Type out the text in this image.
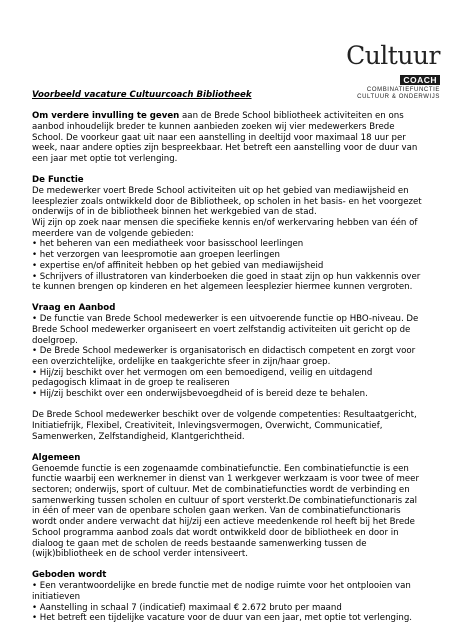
Cultuur
COACH
COMBINATIEFUNCTIE
CULTUUR & ONDERWIJS

Voorbeeld vacature Cultuurcoach Bibliotheek

Om verdere invulling te geven aan de Brede School bibliotheek activiteiten en ons aanbod inhoudelijk breder te kunnen aanbieden zoeken wij vier medewerkers Brede School. De voorkeur gaat uit naar een aanstelling in deeltijd voor maximaal 18 uur per week, naar andere opties zijn bespreekbaar. Het betreft een aanstelling voor de duur van een jaar met optie tot verlenging.

De Functie

De medewerker voert Brede School activiteiten uit op het gebied van mediawijsheid en

leesplezier zoals ontwikkeld door de Bibliotheek, op scholen in het basis- en het voorgezet

onderwijs of in de bibliotheek binnen het werkgebied van de stad.

Wij zijn op zoek naar mensen die specifieke kennis en/of werkervaring hebben van één of

meerdere van de volgende gebieden:

• het beheren van een mediatheek voor basisschool leerlingen

• het verzorgen van leespromotie aan groepen leerlingen

• expertise en/of affiniteit hebben op het gebied van mediawijsheid

• Schrijvers of illustratoren van kinderboeken die goed in staat zijn op hun vakkennis over

te kunnen brengen op kinderen en het algemeen leesplezier hiermee kunnen vergroten.

Vraag en Aanbod

• De functie van Brede School medewerker is een uitvoerende functie op HBO-niveau. De

Brede School medewerker organiseert en voert zelfstandig activiteiten uit gericht op de

doelgroep.

• De Brede School medewerker is organisatorisch en didactisch competent en zorgt voor

een overzichtelijke, ordelijke en taakgerichte sfeer in zijn/haar groep.

• Hij/zij beschikt over het vermogen om een bemoedigend, veilig en uitdagend

pedagogisch klimaat in de groep te realiseren

• Hij/zij beschikt over een onderwijsbevoegdheid of is bereid deze te behalen.

De Brede School medewerker beschikt over de volgende competenties: Resultaatgericht, Initiatiefrijk, Flexibel, Creativiteit, Inlevingsvermogen, Overwicht, Communicatief, Samenwerken, Zelfstandigheid, Klantgerichtheid.

Algemeen

Genoemde functie is een zogenaamde combinatiefunctie. Een combinatiefunctie is een functie waarbij een werknemer in dienst van 1 werkgever werkzaam is voor twee of meer sectoren; onderwijs, sport of cultuur. Met de combinatiefuncties wordt de verbinding en samenwerking tussen scholen en cultuur of sport versterkt.De combinatiefunctionaris zal in één of meer van de openbare scholen gaan werken. Van de combinatiefunctionaris wordt onder andere verwacht dat hij/zij een actieve meedenkende rol heeft bij het Brede School programma aanbod zoals dat wordt ontwikkeld door de bibliotheek en door in dialoog te gaan met de scholen de reeds bestaande samenwerking tussen de (wijk)bibliotheek en de school verder intensiveert.

Geboden wordt

• Een verantwoordelijke en brede functie met de nodige ruimte voor het ontplooien van

initiatieven

• Aanstelling in schaal 7 (indicatief) maximaal € 2.672 bruto per maand

• Het betreft een tijdelijke vacature voor de duur van een jaar, met optie tot verlenging.
